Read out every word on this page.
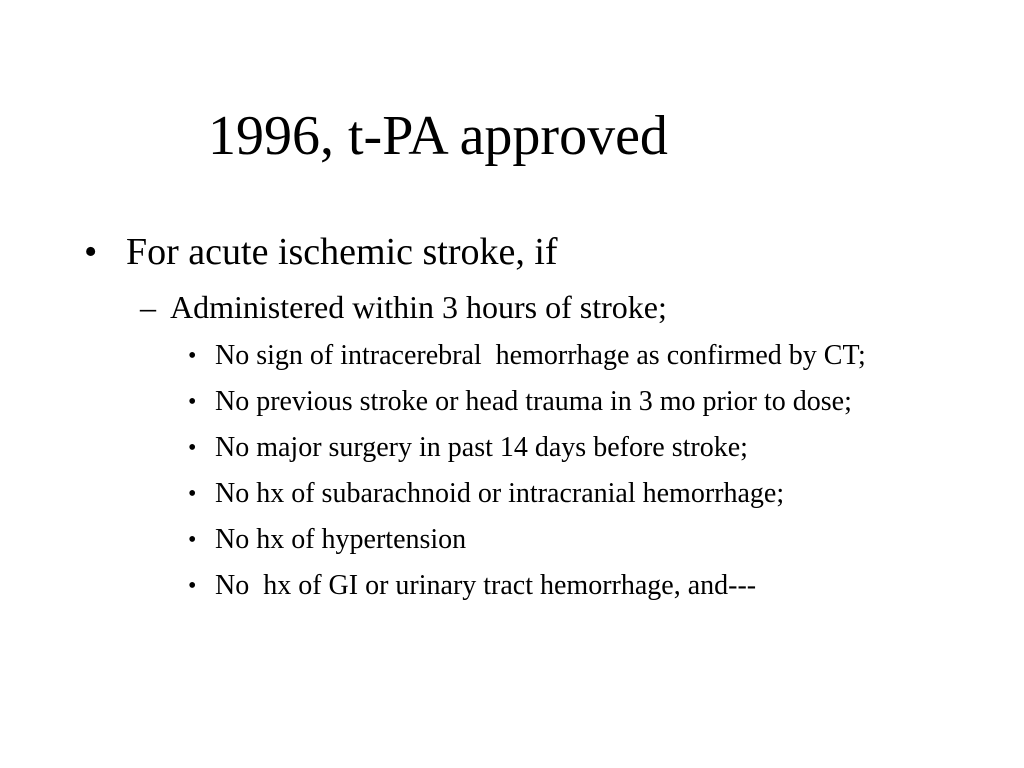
1996, t-PA approved
• For acute ischemic stroke, if
– Administered within 3 hours of stroke;
• No sign of intracerebral  hemorrhage as confirmed by CT;
• No previous stroke or head trauma in 3 mo prior to dose;
• No major surgery in past 14 days before stroke;
• No hx of subarachnoid or intracranial hemorrhage;
• No hx of hypertension
• No  hx of GI or urinary tract hemorrhage, and---
